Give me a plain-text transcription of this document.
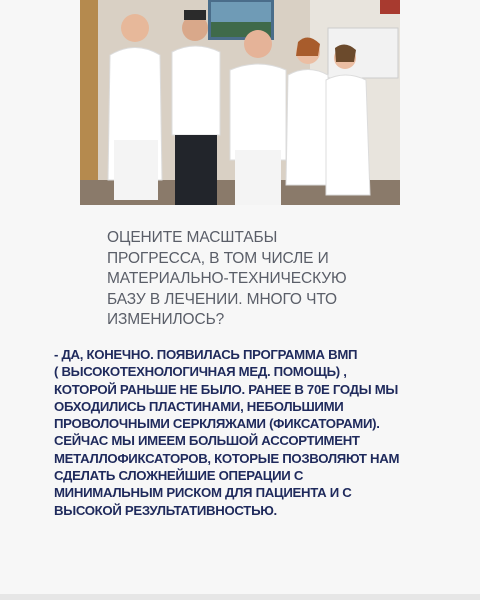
ОЦЕНИТЕ МАСШТАБЫ
ПРОГРЕССА, В ТОМ ЧИСЛЕ И
МАТЕРИАЛЬНО-ТЕХНИЧЕСКУЮ
БАЗУ В ЛЕЧЕНИИ. МНОГО ЧТО
ИЗМЕНИЛОСЬ?
- ДА, КОНЕЧНО. ПОЯВИЛАСЬ ПРОГРАММА ВМП
( ВЫСОКОТЕХНОЛОГИЧНАЯ МЕД. ПОМОЩЬ) ,
КОТОРОЙ РАНЬШЕ НЕ БЫЛО. РАНЕЕ В 70Е ГОДЫ МЫ
ОБХОДИЛИСЬ ПЛАСТИНАМИ, НЕБОЛЬШИМИ
ПРОВОЛОЧНЫМИ СЕРКЛЯЖАМИ (ФИКСАТОРАМИ).
СЕЙЧАС МЫ ИМЕЕМ БОЛЬШОЙ АССОРТИМЕНТ
МЕТАЛЛОФИКСАТОРОВ, КОТОРЫЕ ПОЗВОЛЯЮТ НАМ
СДЕЛАТЬ СЛОЖНЕЙШИЕ ОПЕРАЦИИ С
МИНИМАЛЬНЫМ РИСКОМ ДЛЯ ПАЦИЕНТА И С
ВЫСОКОЙ РЕЗУЛЬТАТИВНОСТЬЮ.
